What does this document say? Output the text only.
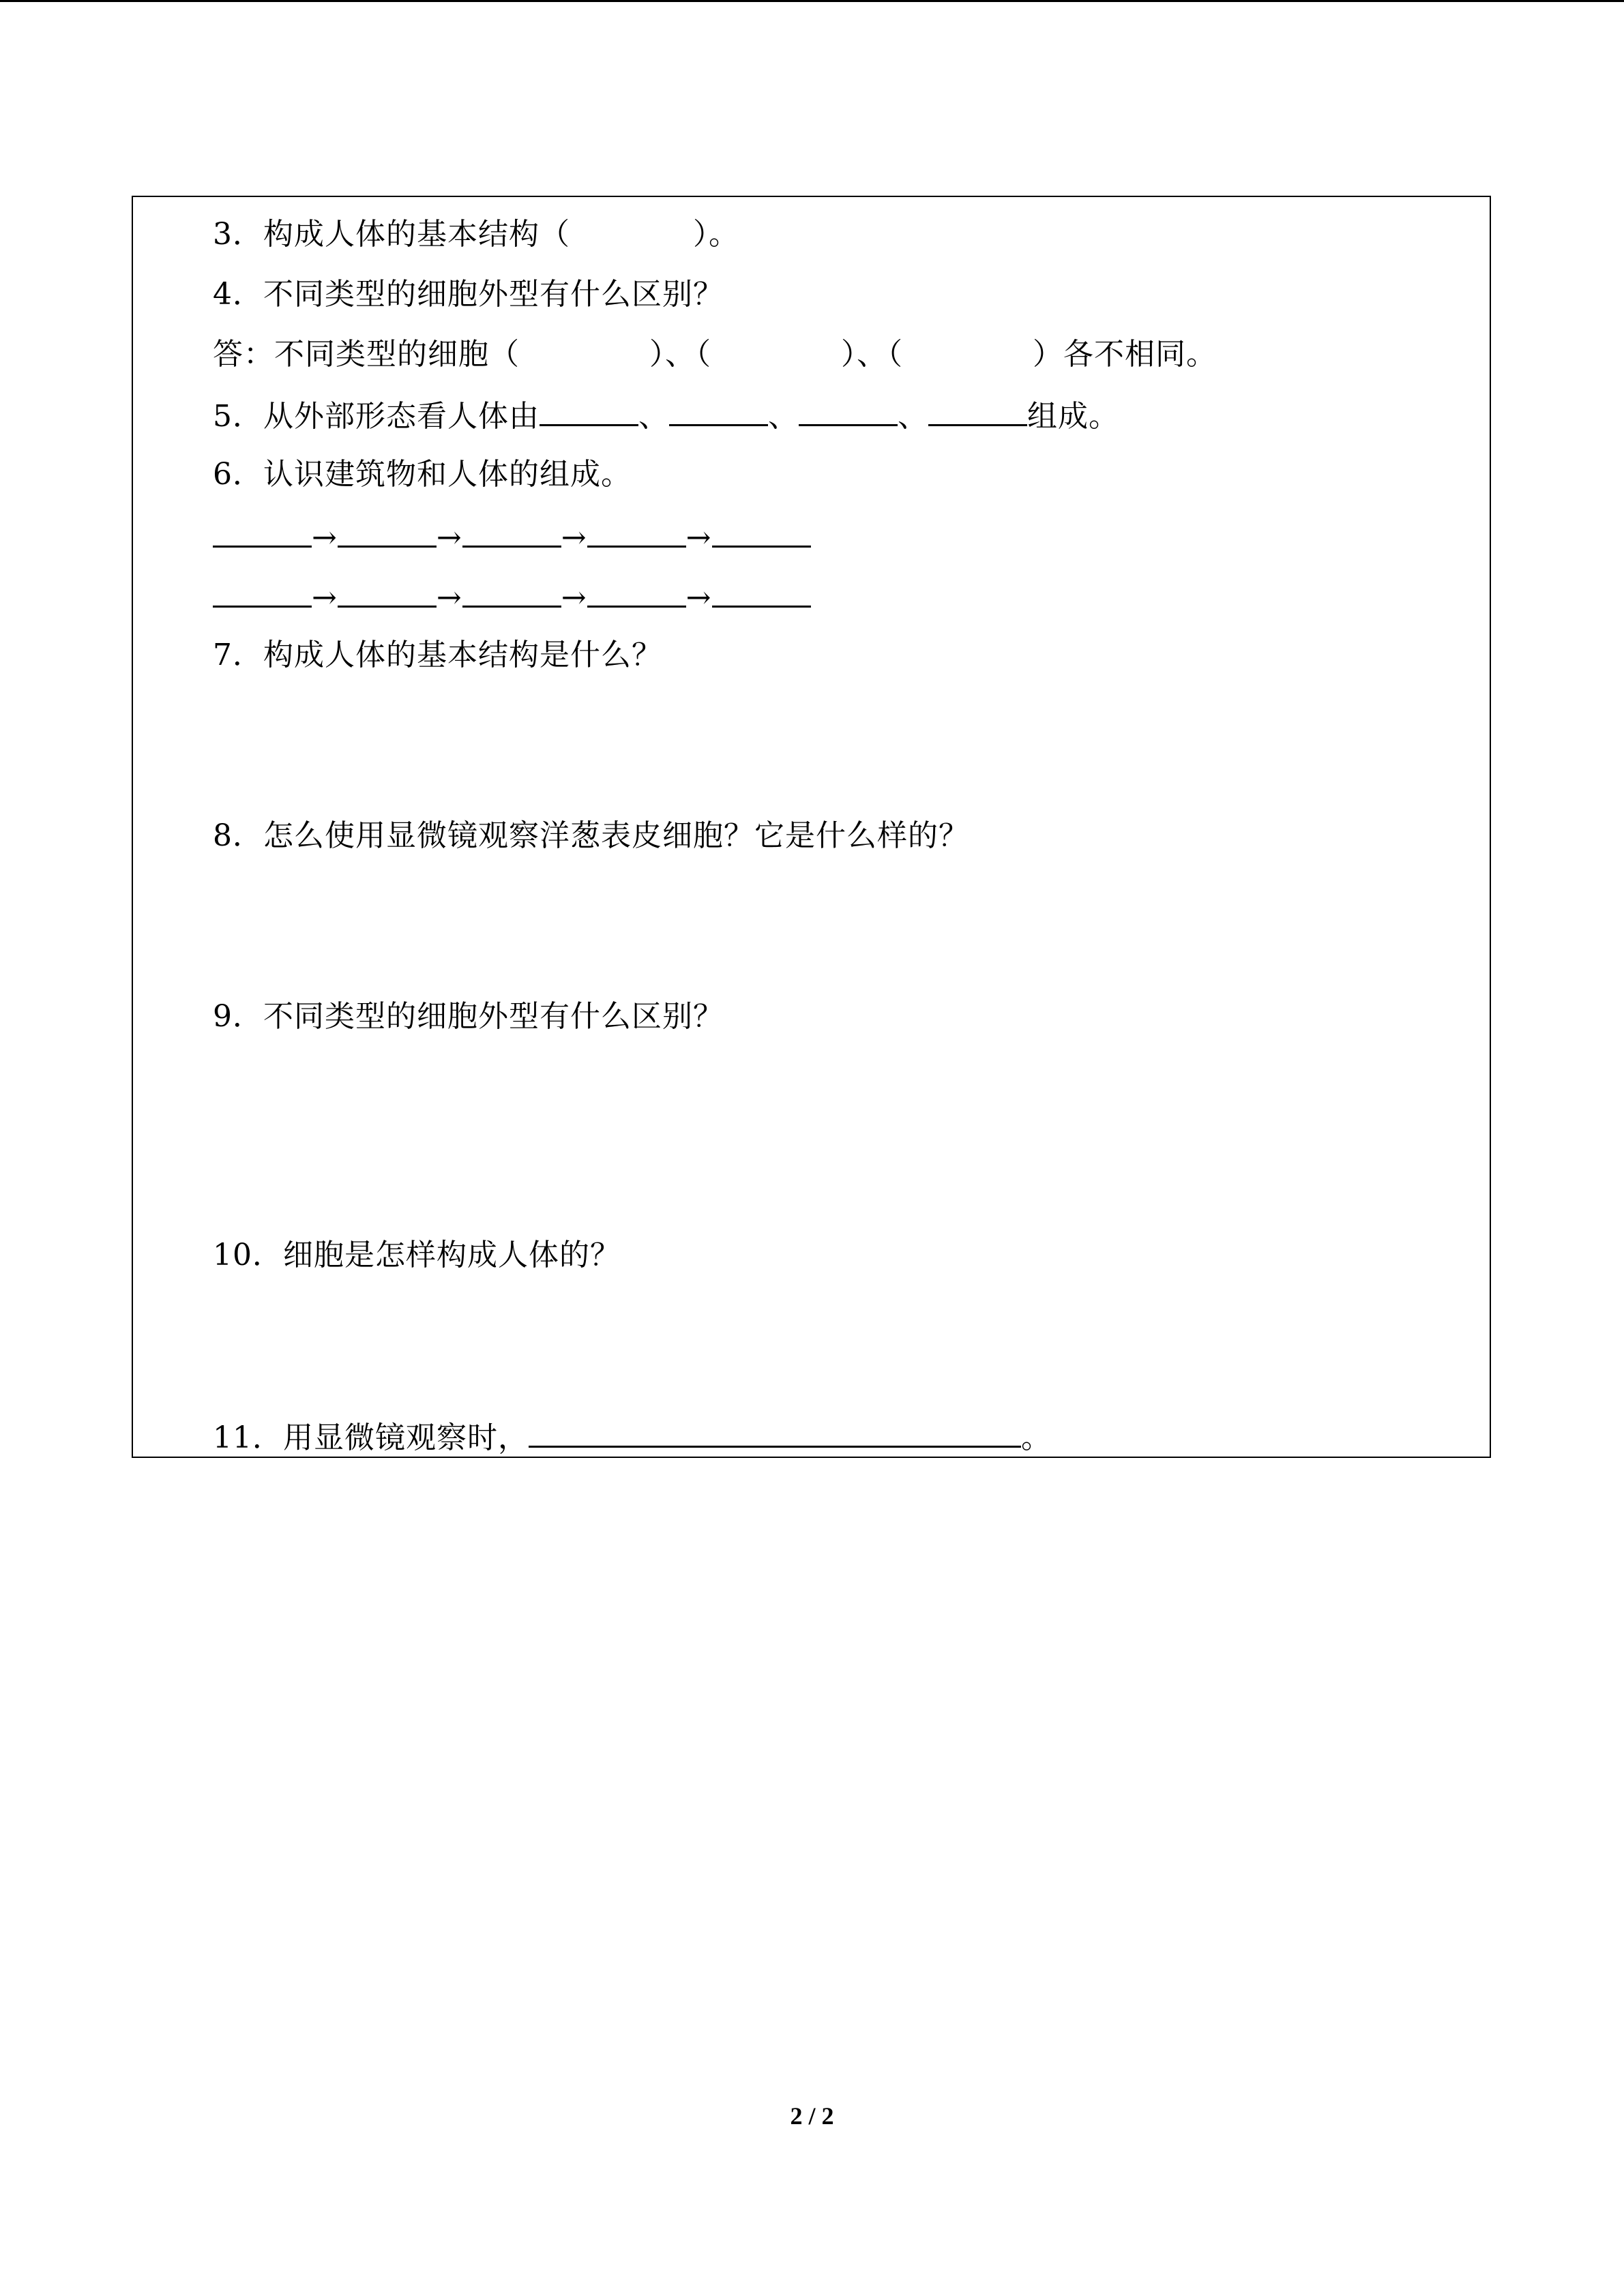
3．构成人体的基本结构（	）。
4．不同类型的细胞外型有什么区别？
答：不同类型的细胞（	）、（	）、（	）各不相同。
5．从外部形态看人体由	、	、	、	组成。
6．认识建筑物和人体的组成。
→	→	→	→
→	→	→	→
7．构成人体的基本结构是什么？
8．怎么使用显微镜观察洋葱表皮细胞？它是什么样的？
9．不同类型的细胞外型有什么区别？
10．细胞是怎样构成人体的？
11．用显微镜观察时，	。
2 / 2
